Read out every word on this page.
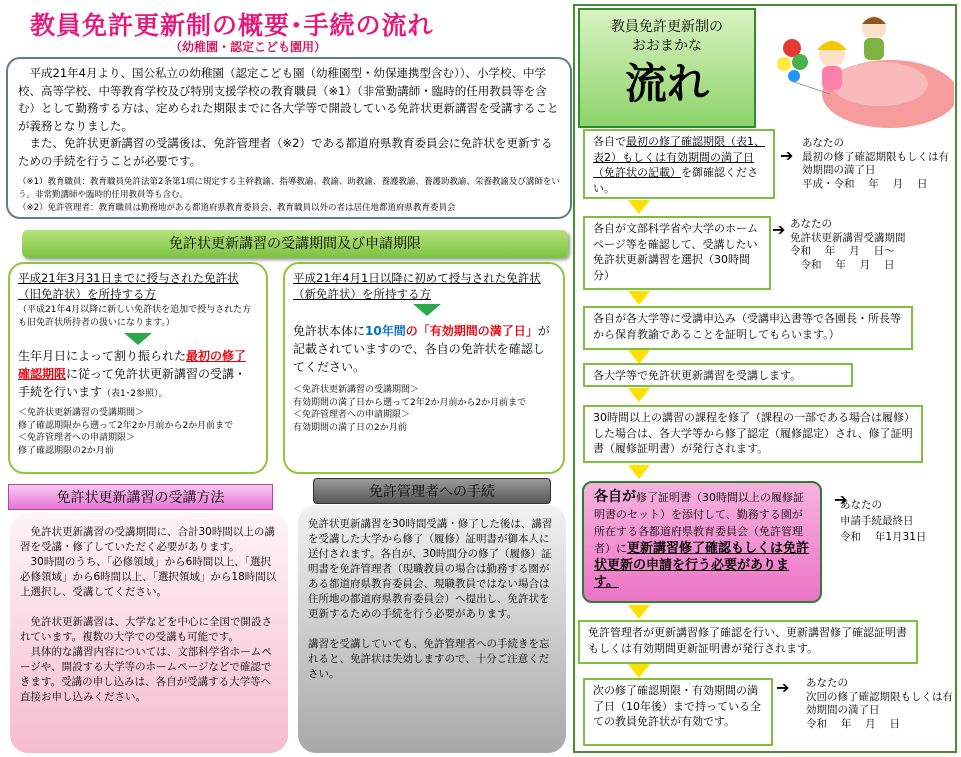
教員免許更新制の概要･手続の流れ
（幼稚園・認定こども園用）

　平成21年4月より、国公私立の幼稚園（認定こども園（幼稚園型・幼保連携型含む））、小学校、中学校、高等学校、中等教育学校及び特別支援学校の教育職員（※1）（非常勤講師・臨時的任用教員等を含む）として勤務する方は、定められた期限までに各大学等で開設している免許状更新講習を受講することが義務となりました。

　また、免許状更新講習の受講後は、免許管理者（※2）である都道府県教育委員会に免許状を更新するための手続を行うことが必要です。

（※1）教育職員：教育職員免許法第2条第1項に規定する主幹教諭、指導教諭、教諭、助教諭、養護教諭、養護助教諭、栄養教諭及び講師をいう。非常勤講師や臨時的任用教員等も含む。

（※2）免許管理者：教育職員は勤務地がある都道府県教育委員会、教育職員以外の者は居住地都道府県教育委員会

免許状更新講習の受講期間及び申請期限
平成21年3月31日までに授与された免許状（旧免許状）を所持する方
（平成21年4月以降に新しい免許状を追加で授与された方も旧免許状所持者の扱いになります。）
生年月日によって割り振られた最初の修了確認期限に従って免許状更新講習の受講・手続を行います（表1･2参照）。
＜免許状更新講習の受講期間＞
修了確認期限から遡って2年2か月前から2か月前まで
＜免許管理者への申請期限＞
修了確認期限の2か月前
平成21年4月1日以降に初めて授与された免許状（新免許状）を所持する方
免許状本体に10年間の「有効期間の満了日」が記載されていますので、各自の免許状を確認してください。
＜免許状更新講習の受講期間＞
有効期間の満了日から遡って2年2か月前から2か月前まで
＜免許管理者への申請期限＞
有効期間の満了日の2か月前
免許状更新講習の受講方法
　免許状更新講習の受講期間に、合計30時間以上の講習を受講・修了していただく必要があります。
　30時間のうち、「必修領域」から6時間以上、「選択必修領域」から6時間以上、「選択領域」から18時間以上選択し、受講してください。

　免許状更新講習は、大学などを中心に全国で開設されています。複数の大学での受講も可能です。
　具体的な講習内容については、文部科学省ホームページや、開設する大学等のホームページなどで確認できます。受講の申し込みは、各自が受講する大学等へ直接お申し込みください。
免許管理者への手続
免許状更新講習を30時間受講・修了した後は、講習を受講した大学から修了（履修）証明書が御本人に送付されます。各自が、30時間分の修了（履修）証明書を免許管理者（現職教員の場合は勤務する園がある都道府県教育委員会、現職教員ではない場合は住所地の都道府県教育委員会）へ提出し、免許状を更新するための手続を行う必要があります。

講習を受講していても、免許管理者への手続きを忘れると、免許状は失効しますので、十分ご注意ください。
教員免許更新制の
おおまかな
流れ
各自で最初の修了確認期限（表1、表2）もしくは有効期間の満了日（免許状の記載）を御確認ください。
各自が文部科学省や大学のホームページ等を確認して、受講したい免許状更新講習を選択（30時間分）
各自が各大学等に受講申込み（受講申込書等で各園長・所長等から保育教諭であることを証明してもらいます。）
各大学等で免許状更新講習を受講します。
30時間以上の講習の課程を修了（課程の一部である場合は履修）した場合は、各大学等から修了認定（履修認定）され、修了証明書（履修証明書）が発行されます。
各自が修了証明書（30時間以上の履修証明書のセット）を添付して、勤務する園が所在する各都道府県教育委員会（免許管理者）に更新講習修了確認もしくは免許状更新の申請を行う必要があります。
免許管理者が更新講習修了確認を行い、更新講習修了確認証明書もしくは有効期間更新証明書が発行されます。
次の修了確認期限・有効期間の満了日（10年後）まで持っている全ての教員免許状が有効です。
➔
あなたの
最初の修了確認期限もしくは有効期間の満了日
平成・令和　 年　 月　 日
➔ あなたの
免許状更新講習受講期間
令和　 年　 月　 日～
　令和　 年　 月　 日
➔
あなたの
申請手続最終日
令和　 年1月31日
➔ あなたの
次回の修了確認期限もしくは有効期間の満了日
令和　 年　 月　 日
